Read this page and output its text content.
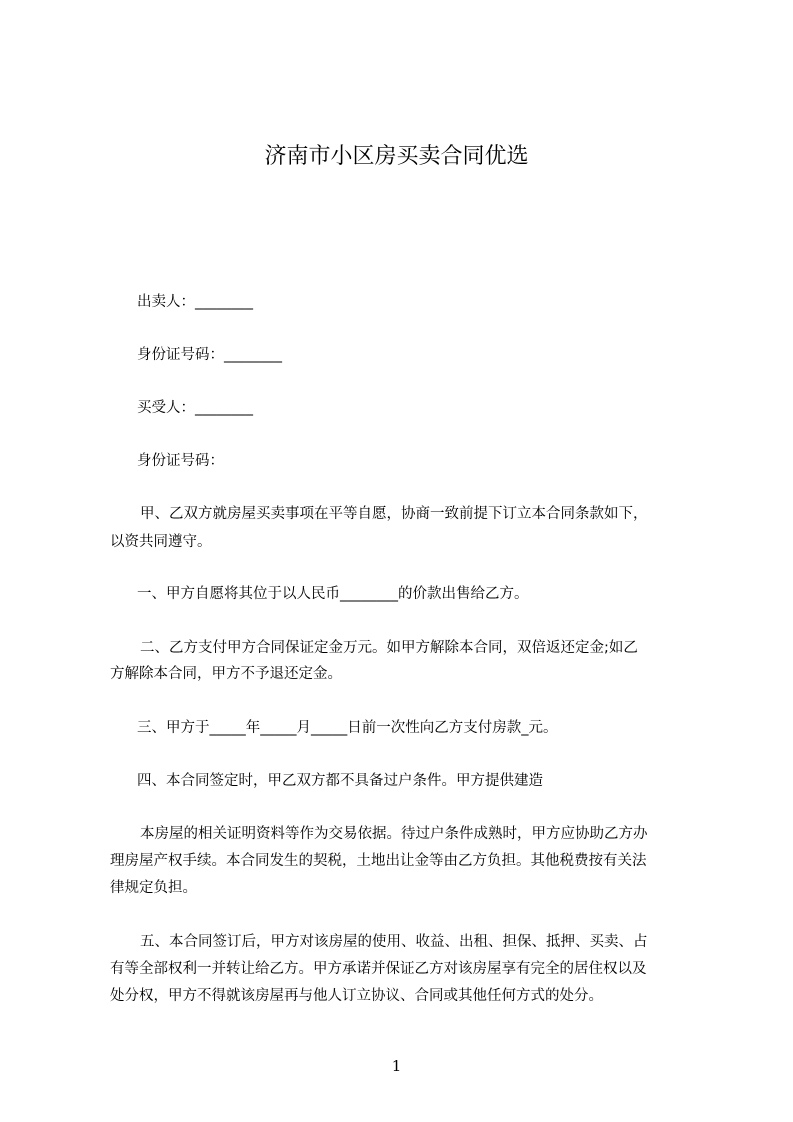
济南市小区房买卖合同优选

出卖人：________

身份证号码：________

买受人：________

身份证号码：

甲、乙双方就房屋买卖事项在平等自愿，协商一致前提下订立本合同条款如下，

以资共同遵守。

一、甲方自愿将其位于以人民币________的价款出售给乙方。

二、乙方支付甲方合同保证定金万元。如甲方解除本合同，双倍返还定金;如乙

方解除本合同，甲方不予退还定金。

三、甲方于_____年_____月_____日前一次性向乙方支付房款_元。

四、本合同签定时，甲乙双方都不具备过户条件。甲方提供建造

本房屋的相关证明资料等作为交易依据。待过户条件成熟时，甲方应协助乙方办

理房屋产权手续。本合同发生的契税，土地出让金等由乙方负担。其他税费按有关法

律规定负担。

五、本合同签订后，甲方对该房屋的使用、收益、出租、担保、抵押、买卖、占

有等全部权利一并转让给乙方。甲方承诺并保证乙方对该房屋享有完全的居住权以及

处分权，甲方不得就该房屋再与他人订立协议、合同或其他任何方式的处分。

1
